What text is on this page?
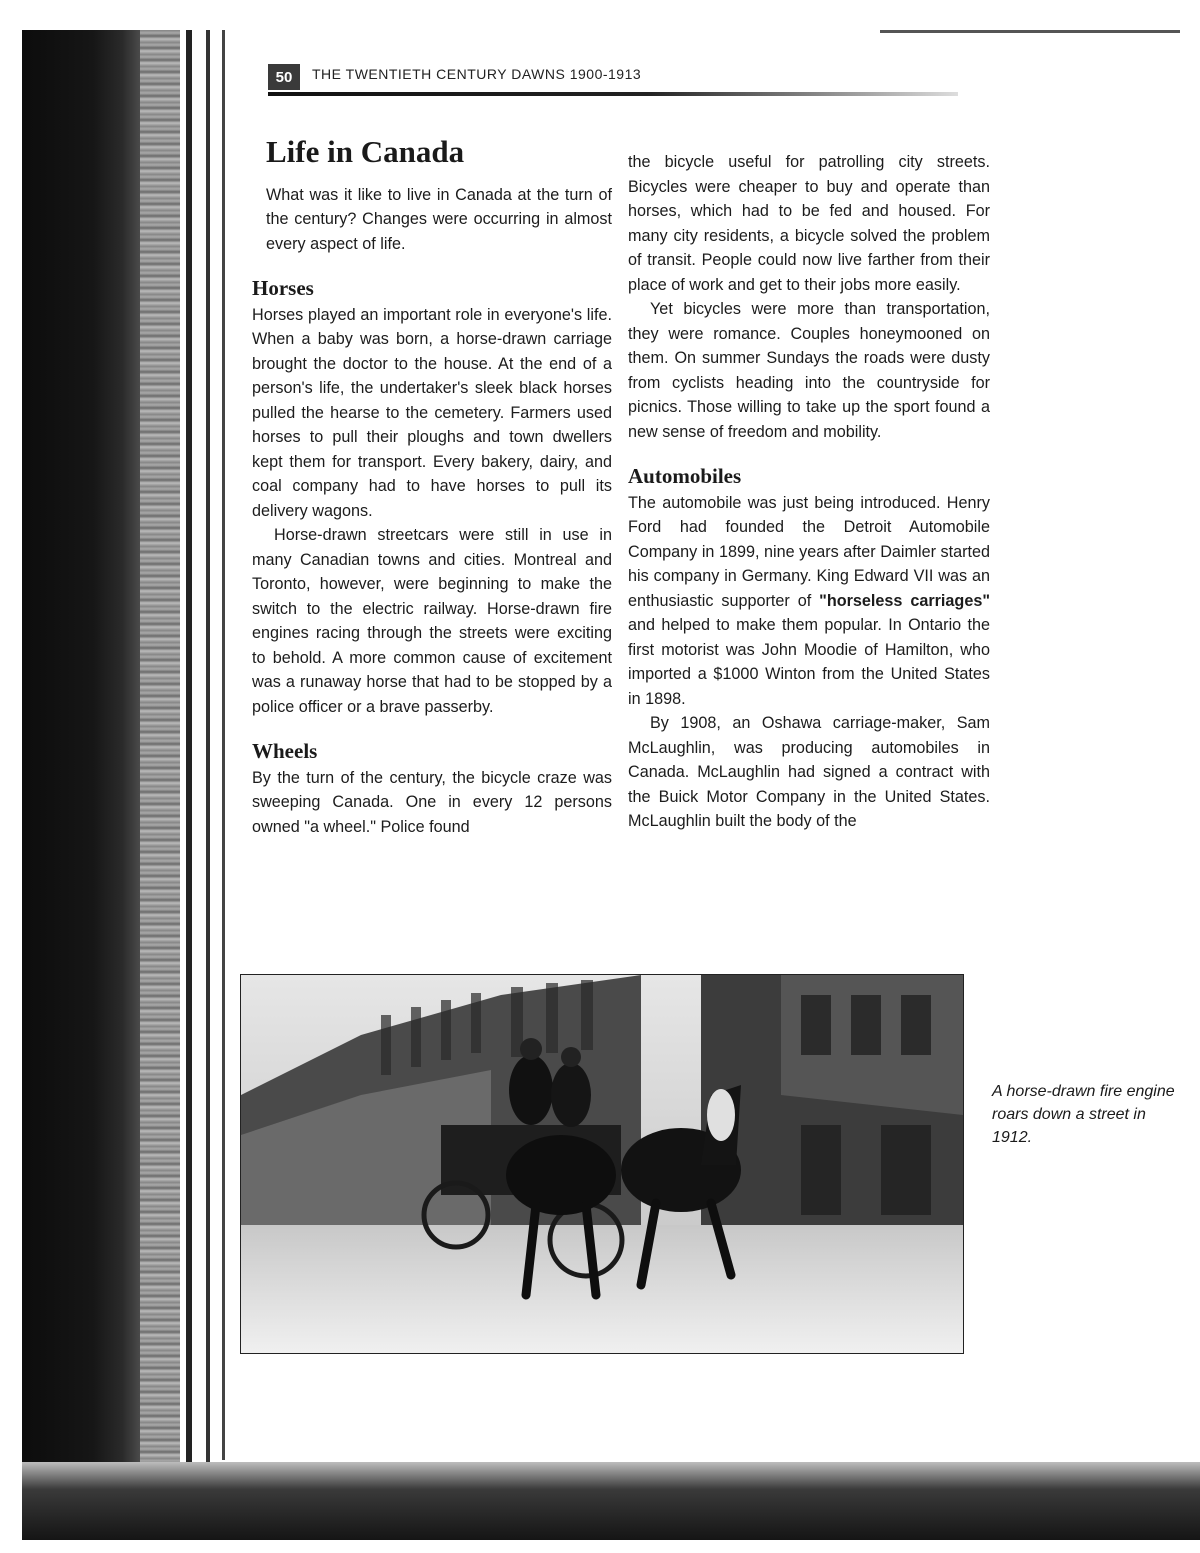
50	THE TWENTIETH CENTURY DAWNS 1900-1913
Life in Canada

What was it like to live in Canada at the turn of the century? Changes were occurring in almost every aspect of life.

Horses

Horses played an important role in everyone's life. When a baby was born, a horse-drawn carriage brought the doctor to the house. At the end of a person's life, the undertaker's sleek black horses pulled the hearse to the cemetery. Farmers used horses to pull their ploughs and town dwellers kept them for transport. Every bakery, dairy, and coal company had to have horses to pull its delivery wagons.

Horse-drawn streetcars were still in use in many Canadian towns and cities. Montreal and Toronto, however, were beginning to make the switch to the electric railway. Horse-drawn fire engines racing through the streets were exciting to behold. A more common cause of excitement was a runaway horse that had to be stopped by a police officer or a brave passerby.

Wheels

By the turn of the century, the bicycle craze was sweeping Canada. One in every 12 persons owned "a wheel." Police found

the bicycle useful for patrolling city streets. Bicycles were cheaper to buy and operate than horses, which had to be fed and housed. For many city residents, a bicycle solved the problem of transit. People could now live farther from their place of work and get to their jobs more easily.

Yet bicycles were more than transportation, they were romance. Couples honeymooned on them. On summer Sundays the roads were dusty from cyclists heading into the countryside for picnics. Those willing to take up the sport found a new sense of freedom and mobility.

Automobiles

The automobile was just being introduced. Henry Ford had founded the Detroit Automobile Company in 1899, nine years after Daimler started his company in Germany. King Edward VII was an enthusiastic supporter of "horseless carriages" and helped to make them popular. In Ontario the first motorist was John Moodie of Hamilton, who imported a $1000 Winton from the United States in 1898.

By 1908, an Oshawa carriage-maker, Sam McLaughlin, was producing automobiles in Canada. McLaughlin had signed a contract with the Buick Motor Company in the United States. McLaughlin built the body of the

A horse-drawn fire engine roars down a street in 1912.
